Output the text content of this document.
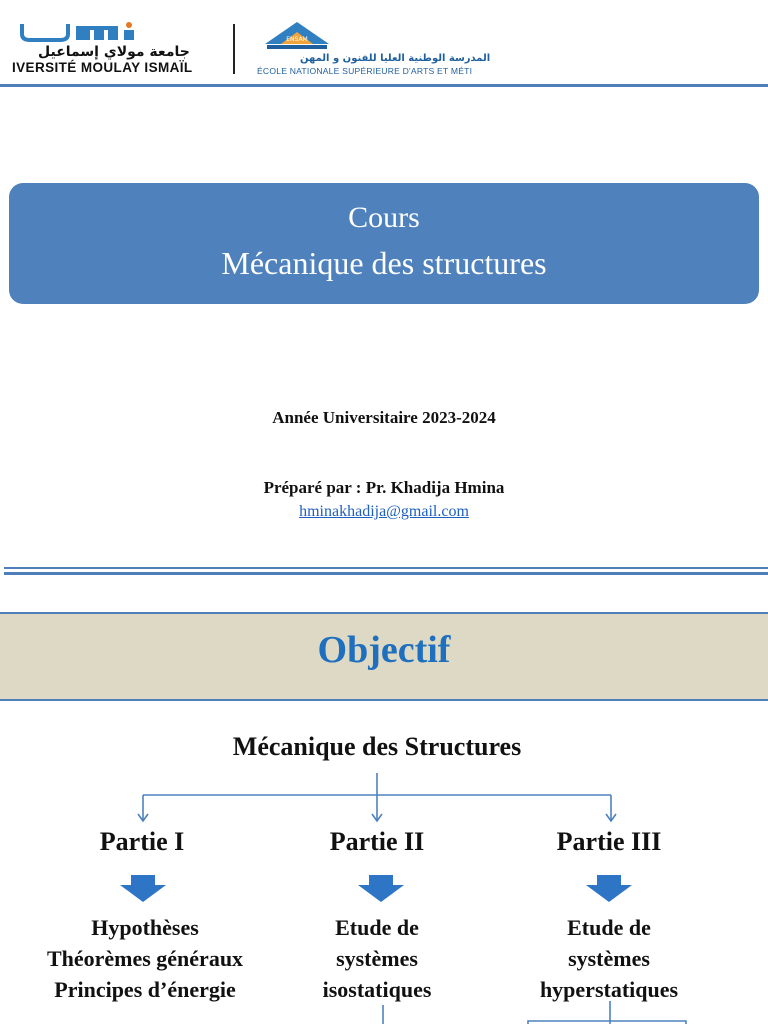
جامعة مولاي إسماعيل
IVERSITÉ MOULAY ISMAÏL
ENSAM
المدرسة الوطنية العليا للفنون و المهن
ÉCOLE NATIONALE SUPÉRIEURE D'ARTS ET MÉTI
Cours
Mécanique des structures
Année Universitaire 2023-2024
Préparé par : Pr. Khadija Hmina
hminakhadija@gmail.com
Objectif
Mécanique des Structures
Partie I	Partie II	Partie III
Hypothèses
Théorèmes généraux
Principes d’énergie
Etude de
systèmes
isostatiques
Etude de
systèmes
hyperstatiques
